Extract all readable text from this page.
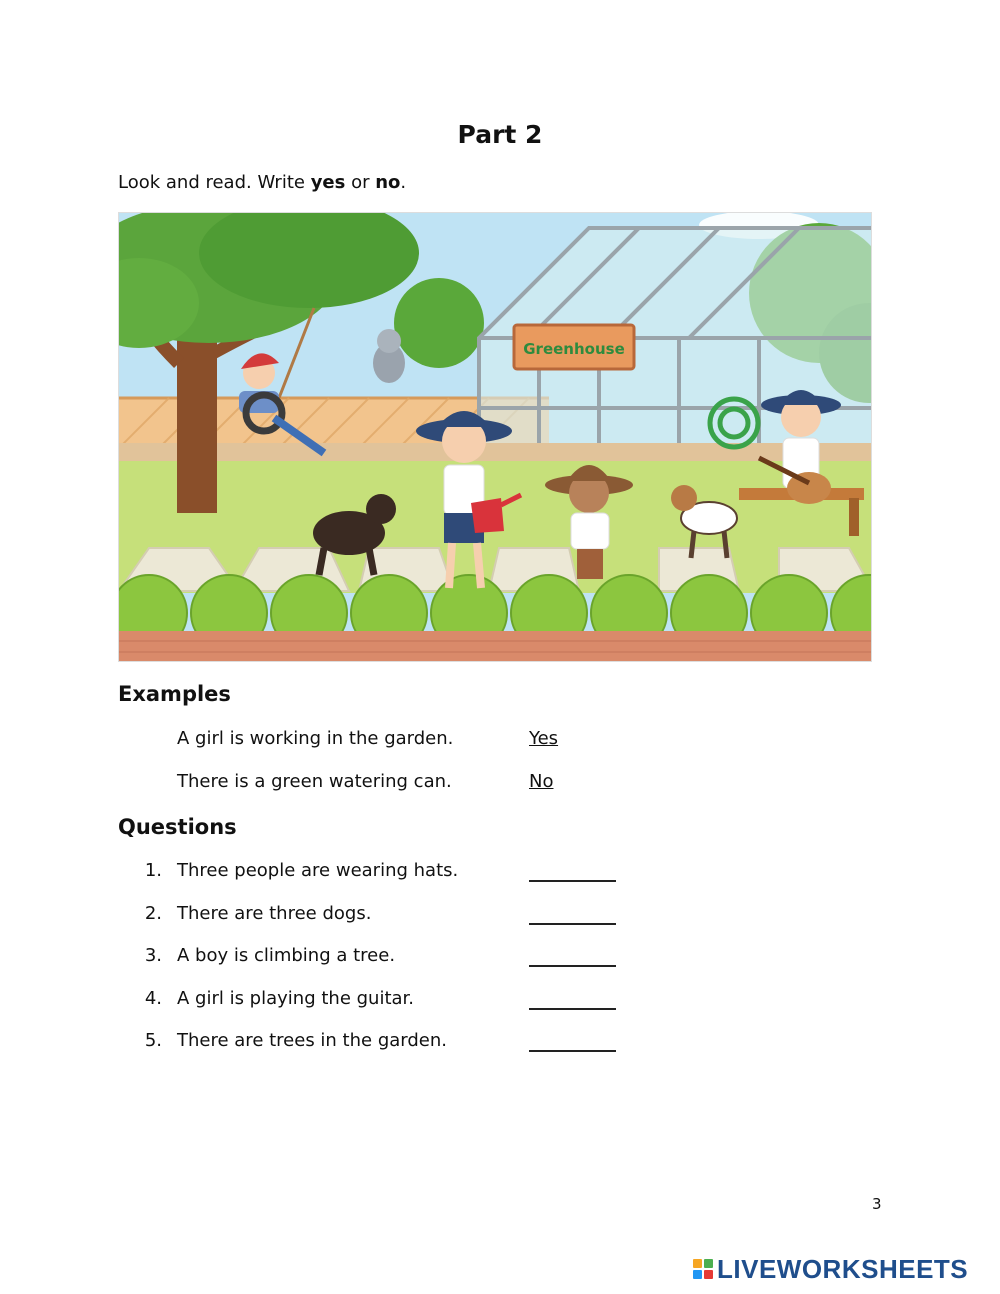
Part 2
Look and read. Write yes or no.
Greenhouse
Examples
A girl is working in the garden.	Yes
There is a green watering can.	No
Questions
1. Three people are wearing hats.
2. There are three dogs.
3. A boy is climbing a tree.
4. A girl is playing the guitar.
5. There are trees in the garden.
3
LIVEWORKSHEETS
